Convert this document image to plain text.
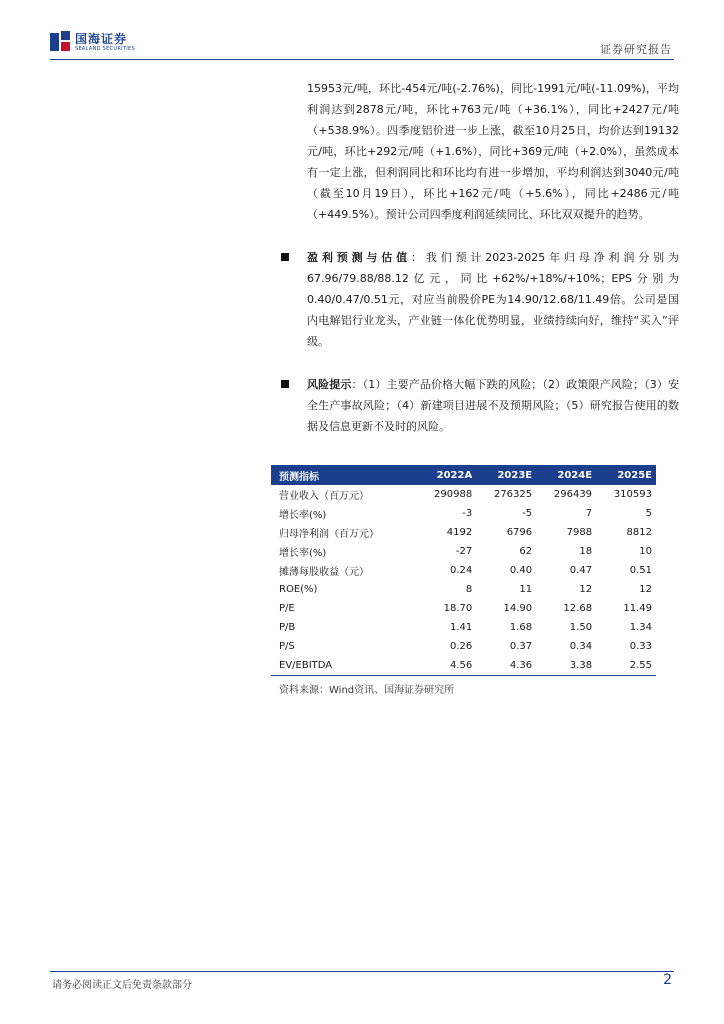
国海证券
SEALAND SECURITIES	证券研究报告

15953元/吨，环比-454元/吨(-2.76%)，同比-1991元/吨(-11.09%)，平均利润达到2878元/吨，环比+763元/吨（+36.1%），同比+2427元/吨（+538.9%）。四季度铝价进一步上涨，截至10月25日，均价达到19132元/吨，环比+292元/吨（+1.6%），同比+369元/吨（+2.0%），虽然成本有一定上涨，但利润同比和环比均有进一步增加，平均利润达到3040元/吨（截至10月19日），环比+162元/吨（+5.6%），同比+2486元/吨（+449.5%）。预计公司四季度利润延续同比、环比双双提升的趋势。

盈利预测与估值：我们预计2023-2025年归母净利润分别为67.96/79.88/88.12亿元，同比+62%/+18%/+10%；EPS分别为0.40/0.47/0.51元，对应当前股价PE为14.90/12.68/11.49倍。公司是国内电解铝行业龙头，产业链一体化优势明显，业绩持续向好，维持“买入”评级。

风险提示：（1）主要产品价格大幅下跌的风险；（2）政策限产风险；（3）安全生产事故风险；（4）新建项目进展不及预期风险；（5）研究报告使用的数据及信息更新不及时的风险。

预测指标	2022A	2023E	2024E	2025E
营业收入（百万元）	290988	276325	296439	310593
增长率(%)	-3	-5	7	5
归母净利润（百万元）	4192	6796	7988	8812
增长率(%)	-27	62	18	10
摊薄每股收益（元）	0.24	0.40	0.47	0.51
ROE(%)	8	11	12	12
P/E	18.70	14.90	12.68	11.49
P/B	1.41	1.68	1.50	1.34
P/S	0.26	0.37	0.34	0.33
EV/EBITDA	4.56	4.36	3.38	2.55
资料来源：Wind资讯、国海证券研究所
请务必阅读正文后免责条款部分	2
